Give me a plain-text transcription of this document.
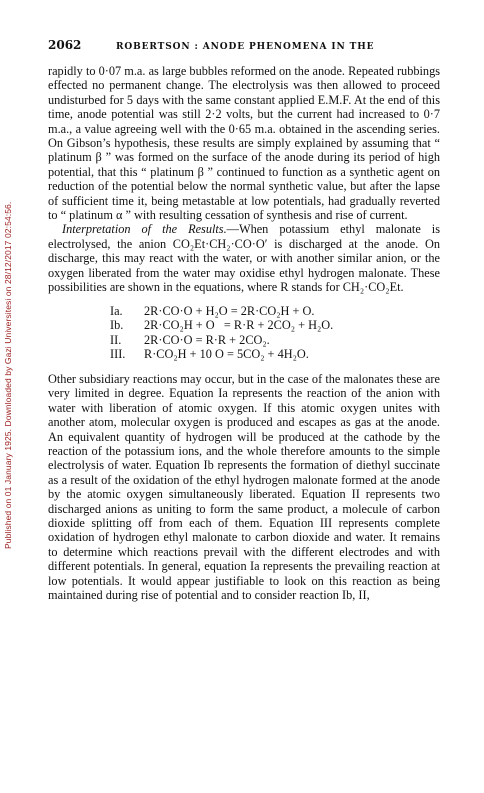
Published on 01 January 1925. Downloaded by Gazi Universitesi on 28/12/2017 02:54:56.
2062	ROBERTSON : ANODE PHENOMENA IN THE

rapidly to 0·07 m.a. as large bubbles reformed on the anode. Repeated rubbings effected no permanent change. The electrolysis was then allowed to proceed undisturbed for 5 days with the same constant applied E.M.F. At the end of this time, anode potential was still 2·2 volts, but the current had increased to 0·7 m.a., a value agreeing well with the 0·65 m.a. obtained in the ascending series. On Gibson’s hypothesis, these results are simply explained by assuming that “ platinum β ” was formed on the surface of the anode during its period of high potential, that this “ platinum β ” continued to function as a synthetic agent on reduction of the potential below the normal synthetic value, but after the lapse of sufficient time it, being metastable at low potentials, had gradually reverted to “ platinum α ” with resulting cessation of synthesis and rise of current.

Interpretation of the Results.—When potassium ethyl malonate is electrolysed, the anion CO₂Et·CH₂·CO·O′ is discharged at the anode. On discharge, this may react with the water, or with another similar anion, or the oxygen liberated from the water may oxidise ethyl hydrogen malonate. These possibilities are shown in the equations, where R stands for CH₂·CO₂Et.

Ia.	2R·CO·O + H₂O = 2R·CO₂H + O.
Ib.	2R·CO₂H + O   = R·R + 2CO₂ + H₂O.
II.	2R·CO·O = R·R + 2CO₂.
III.	R·CO₂H + 10 O = 5CO₂ + 4H₂O.

Other subsidiary reactions may occur, but in the case of the malonates these are very limited in degree. Equation Ia represents the reaction of the anion with water with liberation of atomic oxygen. If this atomic oxygen unites with another atom, molecular oxygen is produced and escapes as gas at the anode. An equivalent quantity of hydrogen will be produced at the cathode by the reaction of the potassium ions, and the whole therefore amounts to the simple electrolysis of water. Equation Ib represents the formation of diethyl succinate as a result of the oxidation of the ethyl hydrogen malonate formed at the anode by the atomic oxygen simultaneously liberated. Equation II represents two discharged anions as uniting to form the same product, a molecule of carbon dioxide splitting off from each of them. Equation III represents complete oxidation of hydrogen ethyl malonate to carbon dioxide and water. It remains to determine which reactions prevail with the different electrodes and with different potentials. In general, equation Ia represents the prevailing reaction at low potentials. It would appear justifiable to look on this reaction as being maintained during rise of potential and to consider reaction Ib, II,
